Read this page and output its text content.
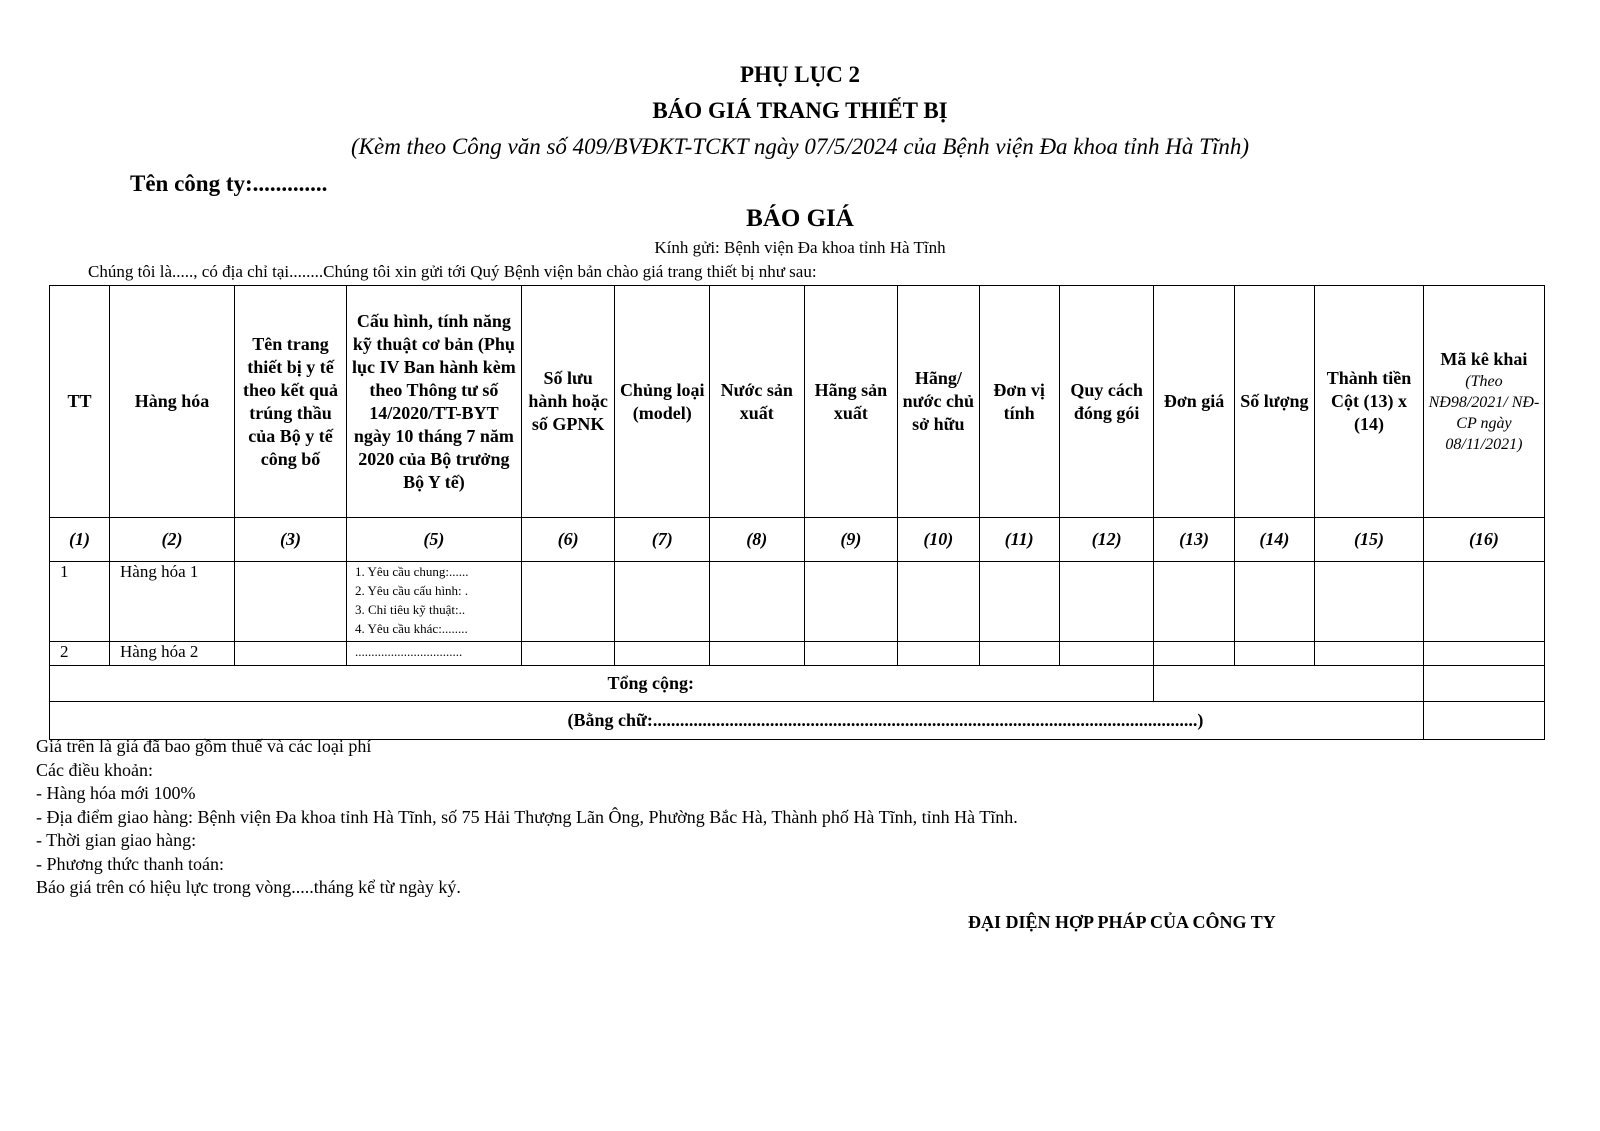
PHỤ LỤC 2
BÁO GIÁ TRANG THIẾT BỊ
(Kèm theo Công văn số 409/BVĐKT-TCKT ngày 07/5/2024 của Bệnh viện Đa khoa tỉnh Hà Tĩnh)
Tên công ty:.............
BÁO GIÁ
Kính gửi: Bệnh viện Đa khoa tỉnh Hà Tĩnh
Chúng tôi là....., có địa chỉ tại........Chúng tôi xin gửi tới Quý Bệnh viện bản chào giá trang thiết bị như sau:
TT	Hàng hóa	Tên trang thiết bị y tế theo kết quả trúng thầu của Bộ y tế công bố	Cấu hình, tính năng kỹ thuật cơ bản (Phụ lục IV Ban hành kèm theo Thông tư số 14/2020/TT-BYT ngày 10 tháng 7 năm 2020 của Bộ trưởng Bộ Y tế)	Số lưu hành hoặc số GPNK	Chủng loại (model)	Nước sản xuất	Hãng sản xuất	Hãng/ nước chủ sở hữu	Đơn vị tính	Quy cách đóng gói	Đơn giá	Số lượng	Thành tiền Cột (13) x (14)	Mã kê khai
(Theo NĐ98/2021/ NĐ-CP ngày 08/11/2021)

(1)	(2)	(3)	(5)	(6)	(7)	(8)	(9)	(10)	(11)	(12)	(13)	(14)	(15)	(16)
1	Hàng hóa 1		1. Yêu cầu chung:......
2. Yêu cầu cấu hình: .
3. Chỉ tiêu kỹ thuật:..
4. Yêu cầu khác:........											

2	Hàng hóa 2		.................................											

Tổng cộng:														
(Bằng chữ:.........................................................................................................................)														
Giá trên là giá đã bao gồm thuế và các loại phí
Các điều khoản:
- Hàng hóa mới 100%
- Địa điểm giao hàng: Bệnh viện Đa khoa tỉnh Hà Tĩnh, số 75 Hải Thượng Lãn Ông, Phường Bắc Hà, Thành phố Hà Tĩnh, tỉnh Hà Tĩnh.
- Thời gian giao hàng:
- Phương thức thanh toán:
Báo giá trên có hiệu lực trong vòng.....tháng kể từ ngày ký.
ĐẠI DIỆN HỢP PHÁP CỦA CÔNG TY
